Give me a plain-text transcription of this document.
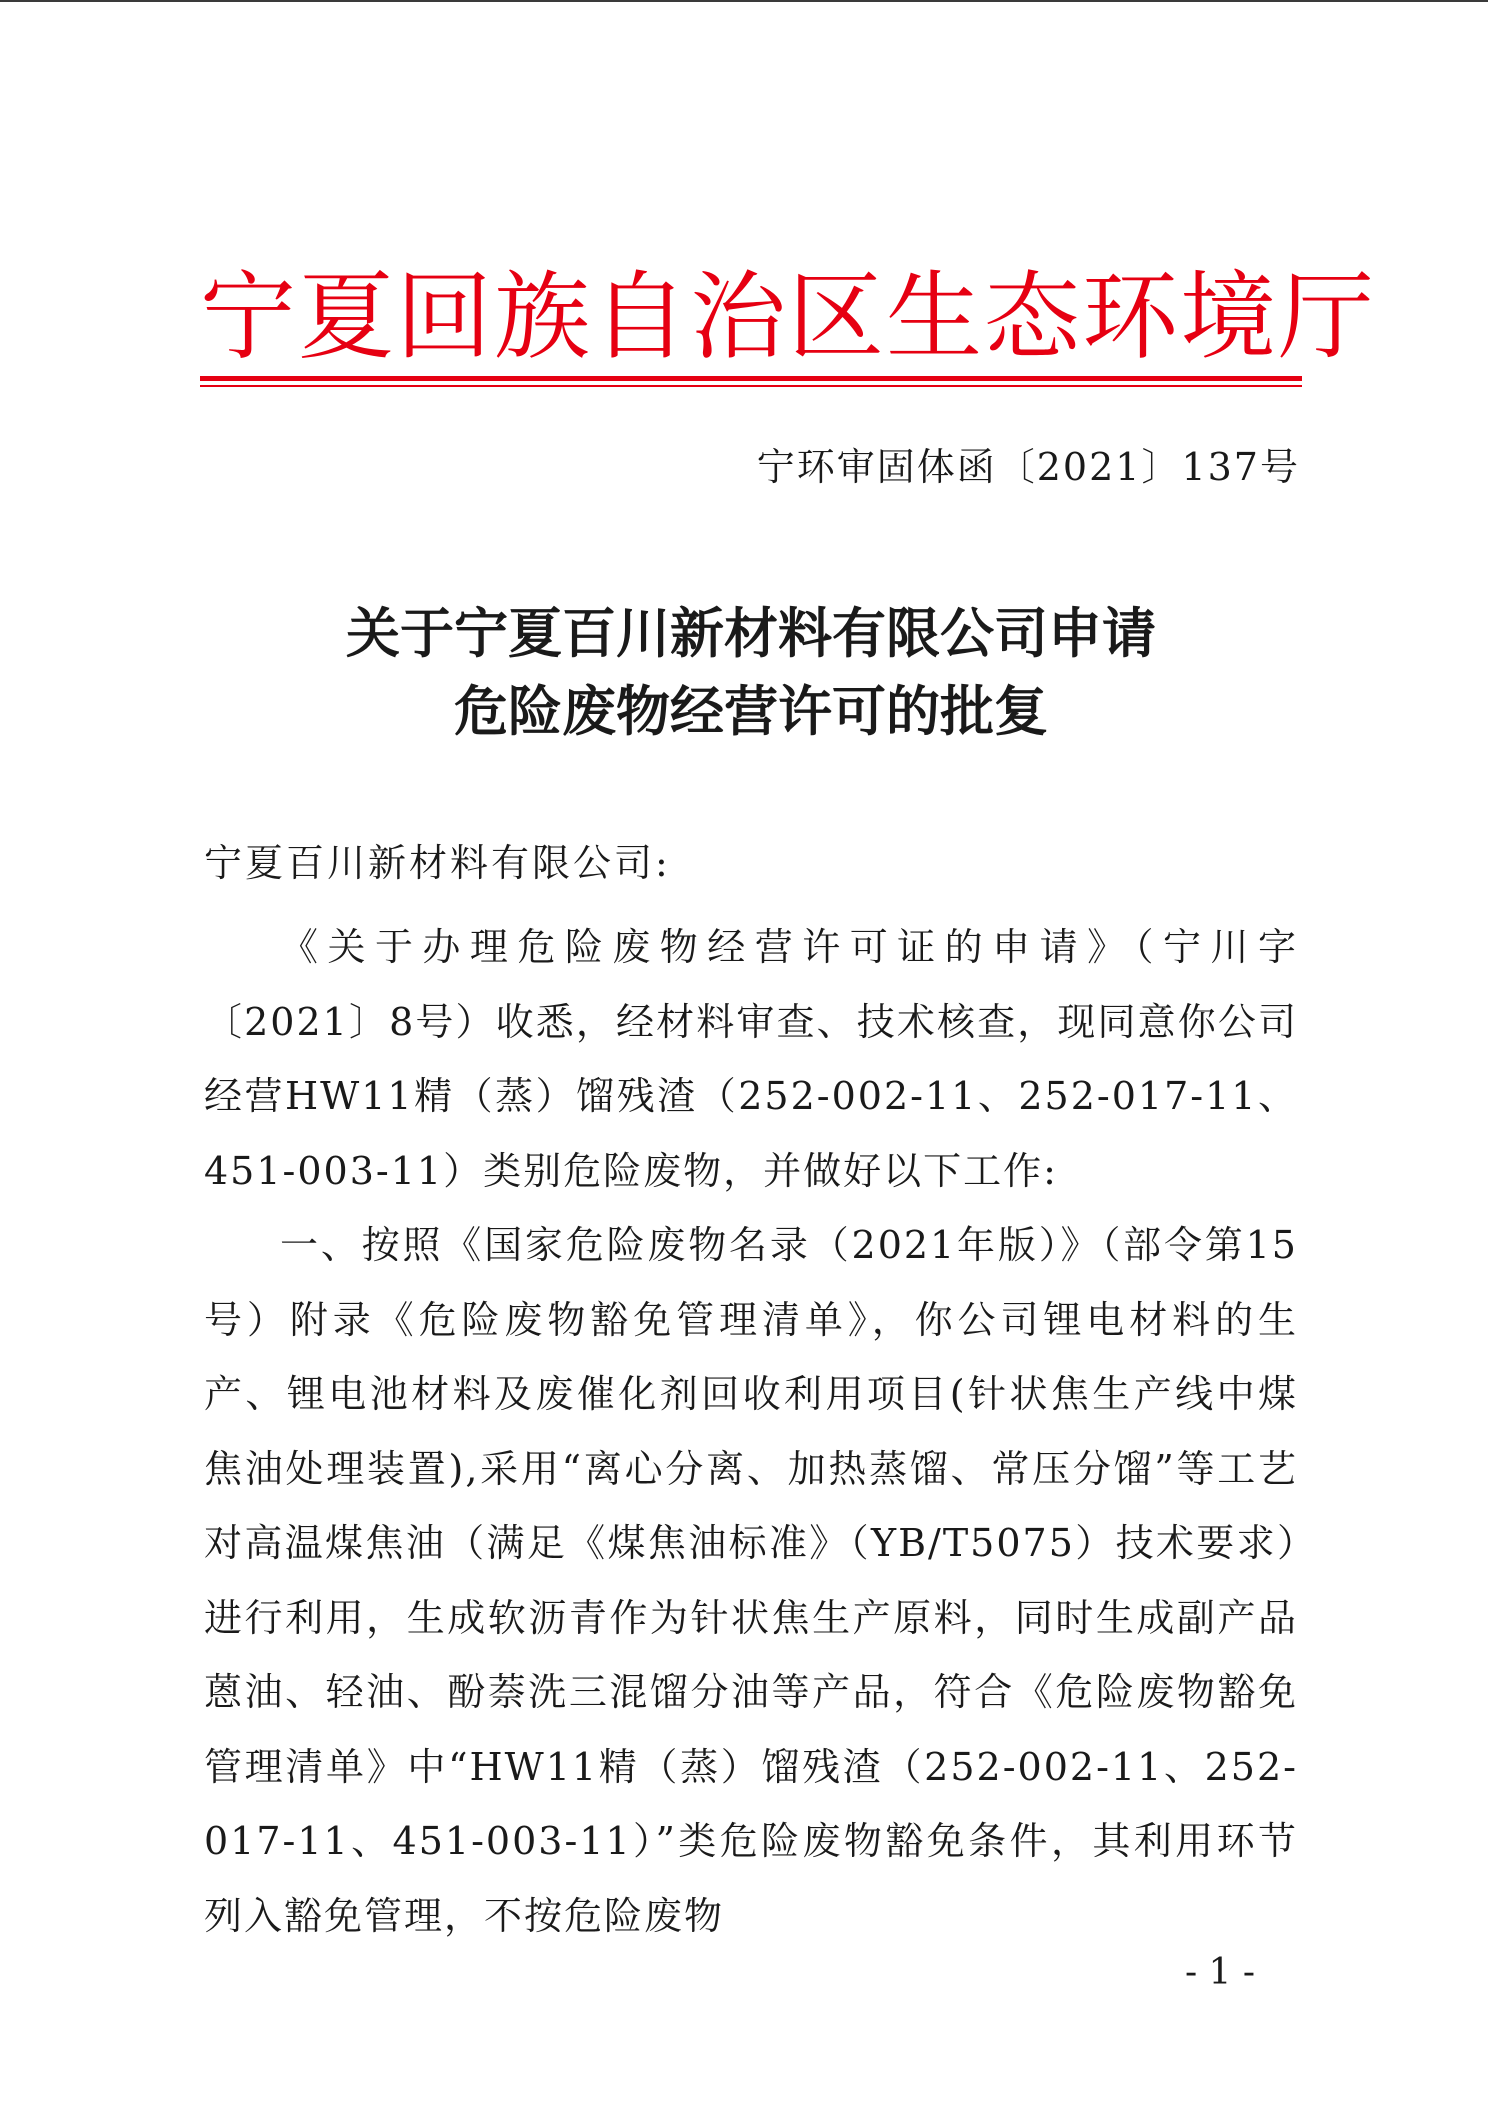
宁夏回族自治区生态环境厅
宁环审固体函〔2021〕137号
关于宁夏百川新材料有限公司申请
危险废物经营许可的批复
宁夏百川新材料有限公司:

《关于办理危险废物经营许可证的申请》（宁川字〔2021〕8号）收悉，经材料审查、技术核查，现同意你公司经营HW11精（蒸）馏残渣（252-002-11、252-017-11、451-003-11）类别危险废物，并做好以下工作:

一、按照《国家危险废物名录（2021年版）》（部令第15号）附录《危险废物豁免管理清单》，你公司锂电材料的生产、锂电池材料及废催化剂回收利用项目(针状焦生产线中煤焦油处理装置),采用“离心分离、加热蒸馏、常压分馏”等工艺对高温煤焦油（满足《煤焦油标准》（YB/T5075）技术要求）进行利用，生成软沥青作为针状焦生产原料，同时生成副产品蒽油、轻油、酚萘洗三混馏分油等产品，符合《危险废物豁免管理清单》中“HW11精（蒸）馏残渣（252-002-11、252-017-11、451-003-11）”类危险废物豁免条件，其利用环节列入豁免管理，不按危险废物

- 1 -
